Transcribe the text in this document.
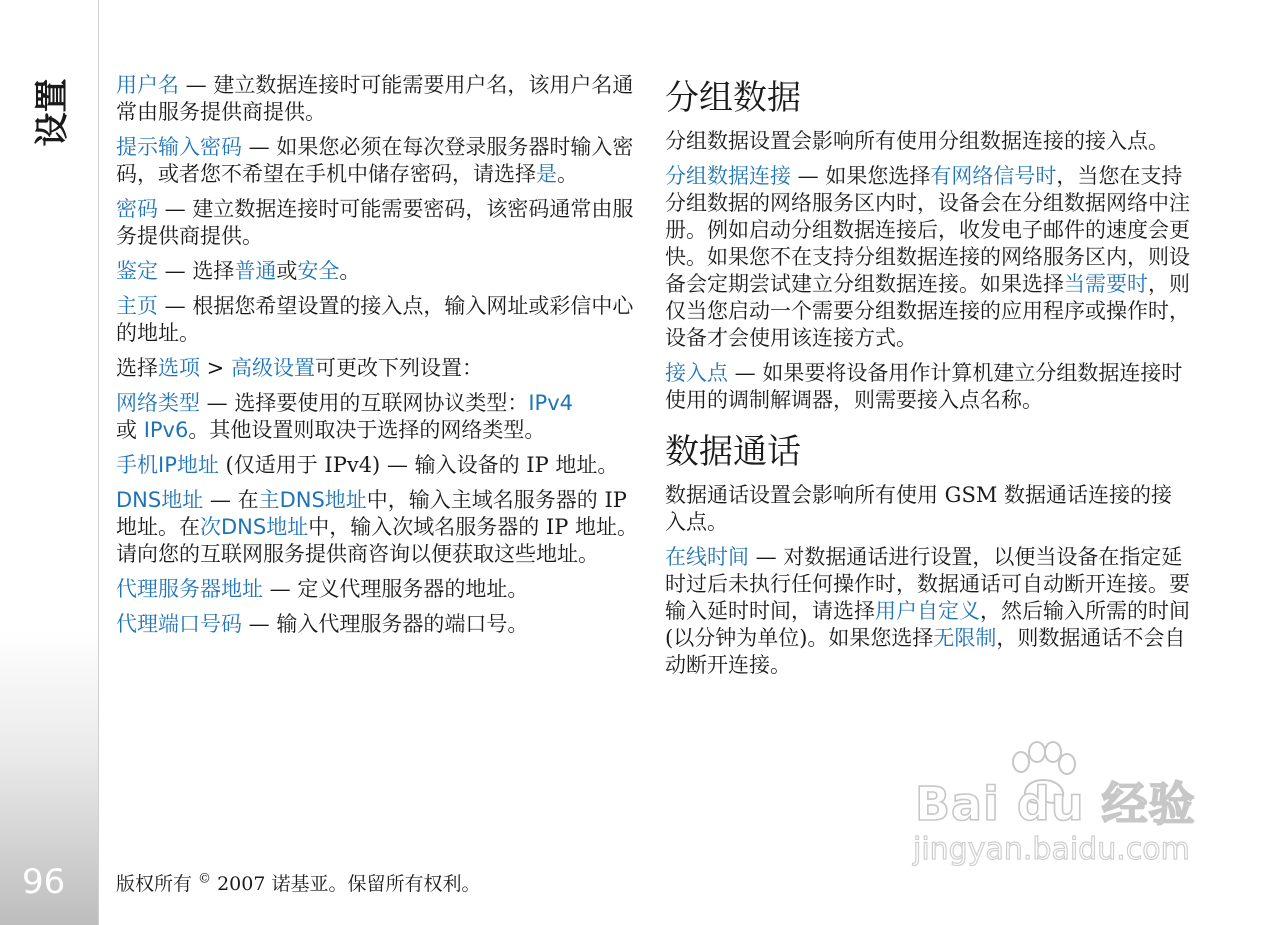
设置
96

用户名 — 建立数据连接时可能需要用户名，该用户名通常由服务提供商提供。

提示输入密码 — 如果您必须在每次登录服务器时输入密码，或者您不希望在手机中储存密码，请选择是。

密码 — 建立数据连接时可能需要密码，该密码通常由服务提供商提供。

鉴定 — 选择普通或安全。

主页 — 根据您希望设置的接入点，输入网址或彩信中心的地址。

选择选项 > 高级设置可更改下列设置：

网络类型 — 选择要使用的互联网协议类型：IPv4
或 IPv6。其他设置则取决于选择的网络类型。

手机IP地址 (仅适用于 IPv4) — 输入设备的 IP 地址。

DNS地址 — 在主DNS地址中，输入主域名服务器的 IP 地址。在次DNS地址中，输入次域名服务器的 IP 地址。请向您的互联网服务提供商咨询以便获取这些地址。

代理服务器地址 — 定义代理服务器的地址。

代理端口号码 — 输入代理服务器的端口号。

分组数据

分组数据设置会影响所有使用分组数据连接的接入点。

分组数据连接 — 如果您选择有网络信号时，当您在支持分组数据的网络服务区内时，设备会在分组数据网络中注册。例如启动分组数据连接后，收发电子邮件的速度会更快。如果您不在支持分组数据连接的网络服务区内，则设备会定期尝试建立分组数据连接。如果选择当需要时，则仅当您启动一个需要分组数据连接的应用程序或操作时，设备才会使用该连接方式。

接入点 — 如果要将设备用作计算机建立分组数据连接时使用的调制解调器，则需要接入点名称。

数据通话

数据通话设置会影响所有使用 GSM 数据通话连接的接入点。

在线时间 — 对数据通话进行设置，以便当设备在指定延时过后未执行任何操作时，数据通话可自动断开连接。要输入延时时间，请选择用户自定义，然后输入所需的时间 (以分钟为单位)。如果您选择无限制，则数据通话不会自动断开连接。

版权所有 © 2007 诺基亚。保留所有权利。
Bai du 经验
jingyan.baidu.com
